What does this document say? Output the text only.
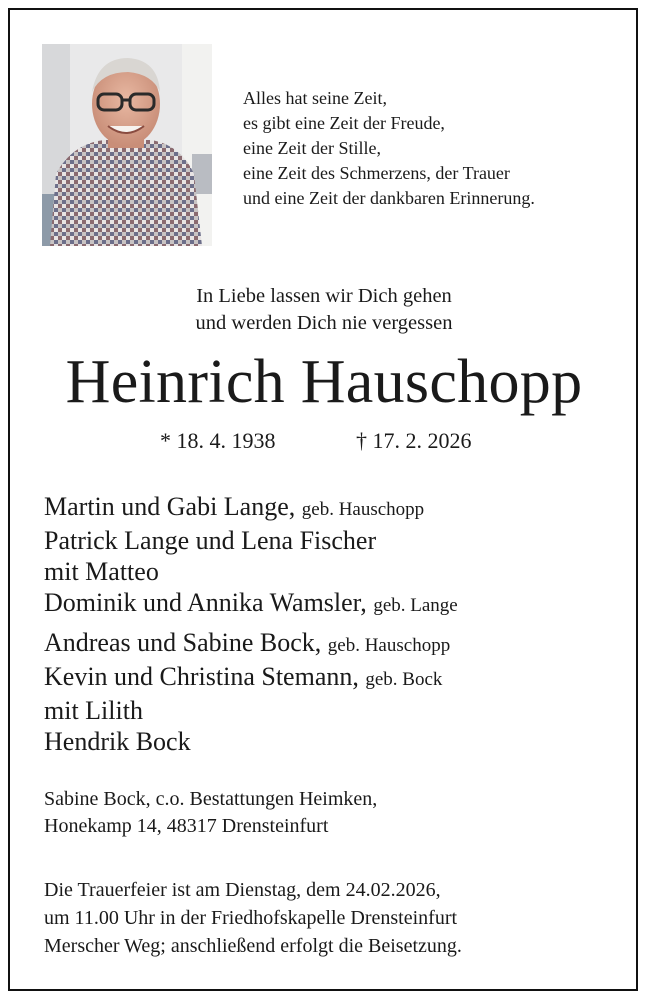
Alles hat seine Zeit,
es gibt eine Zeit der Freude,
eine Zeit der Stille,
eine Zeit des Schmerzens, der Trauer
und eine Zeit der dankbaren Erinnerung.
In Liebe lassen wir Dich gehen
und werden Dich nie vergessen
Heinrich Hauschopp
* 18. 4. 1938	† 17. 2. 2026
Martin und Gabi Lange, geb. Hauschopp
Patrick Lange und Lena Fischer
mit Matteo
Dominik und Annika Wamsler, geb. Lange
Andreas und Sabine Bock, geb. Hauschopp
Kevin und Christina Stemann, geb. Bock
mit Lilith
Hendrik Bock
Sabine Bock, c.o. Bestattungen Heimken,
Honekamp 14, 48317 Drensteinfurt
Die Trauerfeier ist am Dienstag, dem 24.02.2026,
um 11.00 Uhr in der Friedhofskapelle Drensteinfurt
Merscher Weg; anschließend erfolgt die Beisetzung.
